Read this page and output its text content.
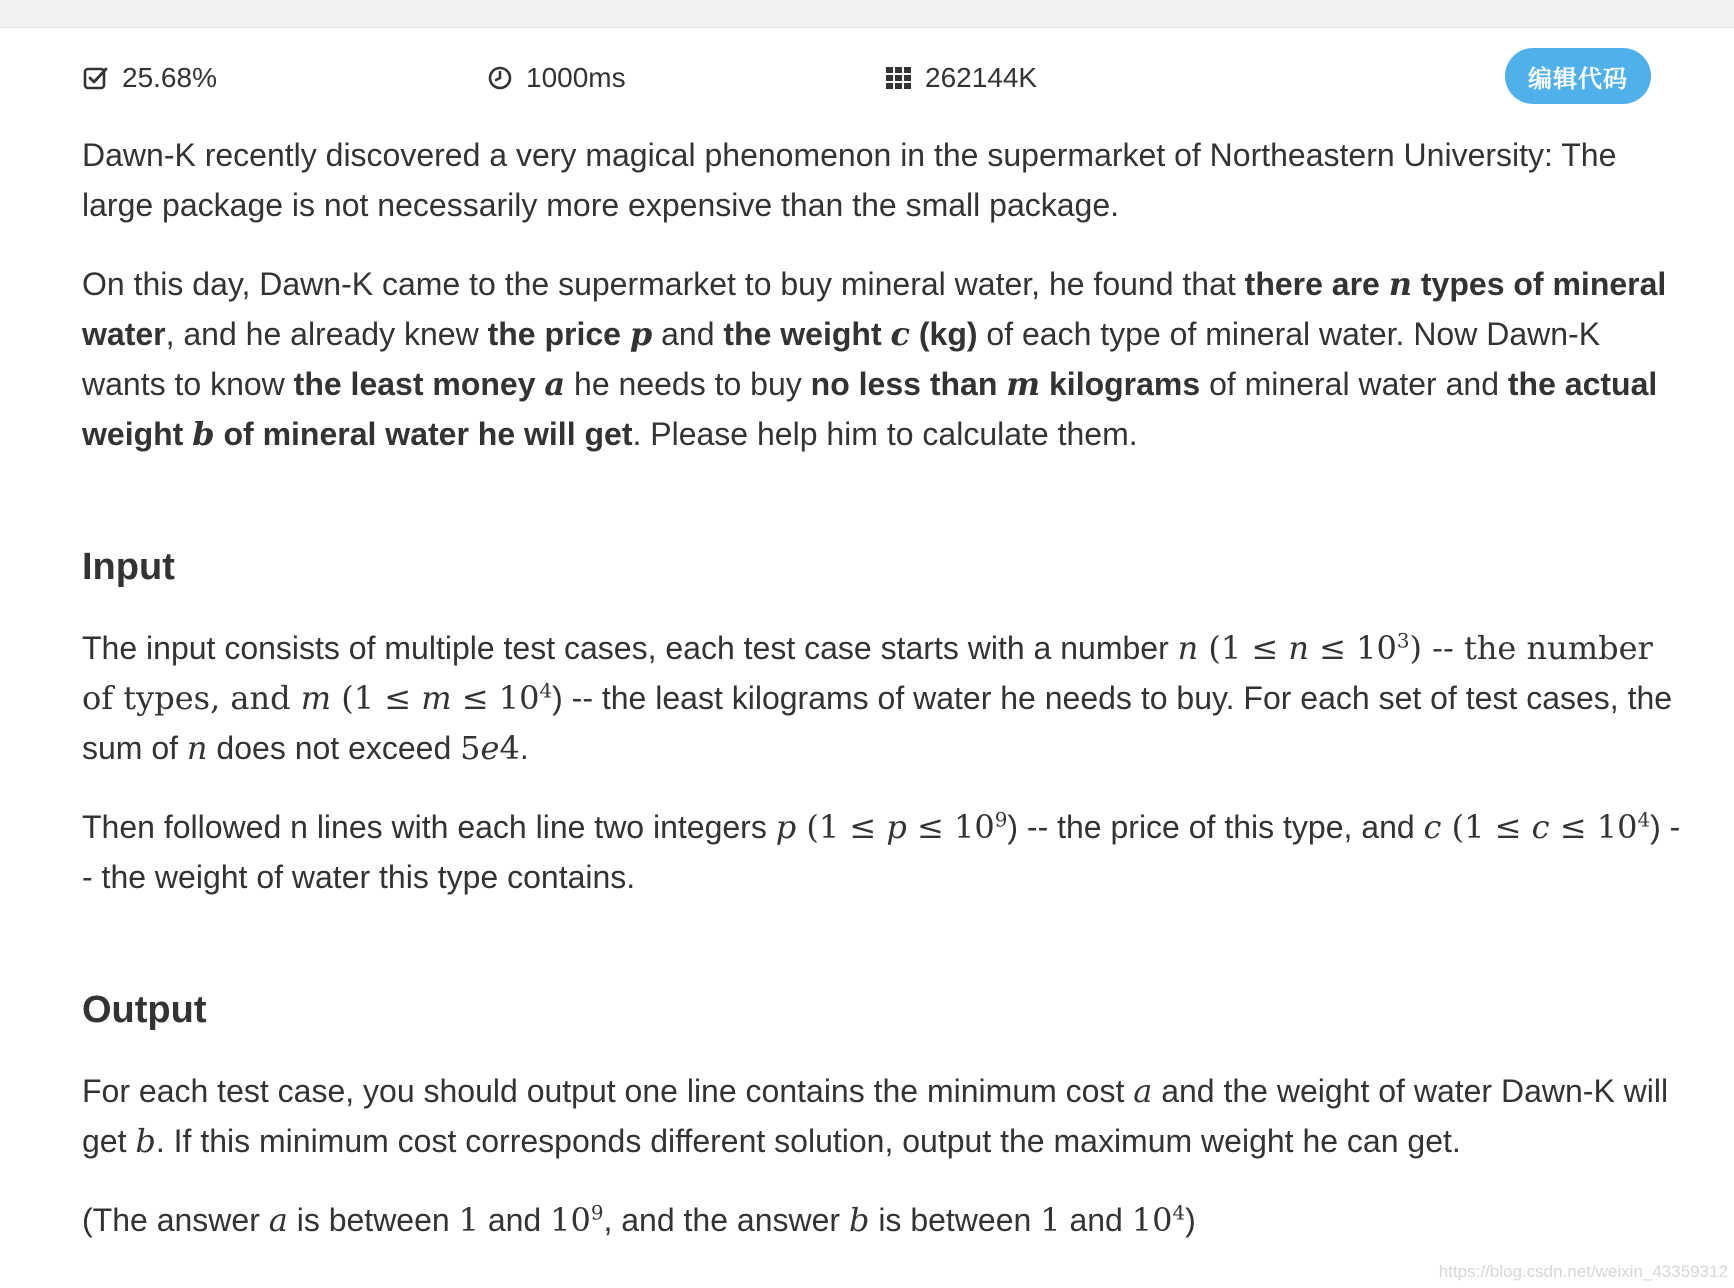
25.68%	1000ms	262144K	编辑代码

Dawn-K recently discovered a very magical phenomenon in the supermarket of Northeastern University: The large package is not necessarily more expensive than the small package.

On this day, Dawn-K came to the supermarket to buy mineral water, he found that there are n types of mineral water, and he already knew the price p and the weight c (kg) of each type of mineral water. Now Dawn-K wants to know the least money a he needs to buy no less than m kilograms of mineral water and the actual weight b of mineral water he will get. Please help him to calculate them.

Input

The input consists of multiple test cases, each test case starts with a number n $(1 \le n \le 10^3)$ -- the number of types, and m $(1 \le m \le 10^4)$ -- the least kilograms of water he needs to buy. For each set of test cases, the sum of n does not exceed 5e4.

Then followed n lines with each line two integers p $(1 \le p \le 10^9)$ -- the price of this type, and c $(1 \le c \le 10^4)$ -- the weight of water this type contains.

Output

For each test case, you should output one line contains the minimum cost a and the weight of water Dawn-K will get b. If this minimum cost corresponds different solution, output the maximum weight he can get.

(The answer a is between 1 and $10^9$, and the answer b is between 1 and $10^4$)

https://blog.csdn.net/weixin_43359312
